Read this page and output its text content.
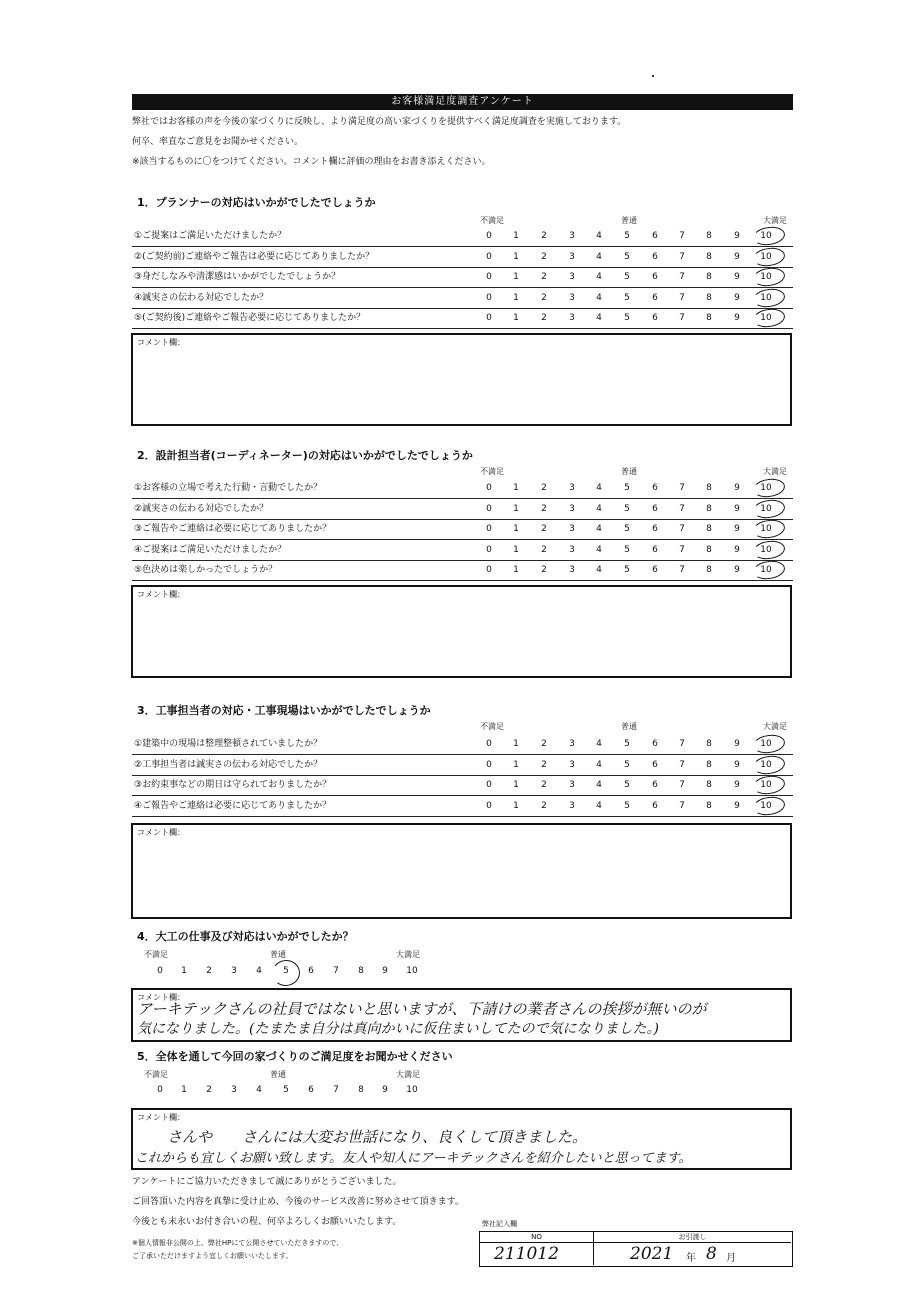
お客様満足度調査アンケート
弊社ではお客様の声を今後の家づくりに反映し、より満足度の高い家づくりを提供すべく満足度調査を実施しております。
何卒、率直なご意見をお聞かせください。
※該当するものに〇をつけてください。コメント欄に評価の理由をお書き添えください。
1．プランナーの対応はいかがでしたでしょうか
不満足	普通	大満足
①ご提案はご満足いただけましたか？	0	1	2	3	4	5	6	7	8	9	10
②(ご契約前)ご連絡やご報告は必要に応じてありましたか？	0	1	2	3	4	5	6	7	8	9	10
③身だしなみや清潔感はいかがでしたでしょうか？	0	1	2	3	4	5	6	7	8	9	10
④誠実さの伝わる対応でしたか？	0	1	2	3	4	5	6	7	8	9	10
⑤(ご契約後)ご連絡やご報告必要に応じてありましたか？	0	1	2	3	4	5	6	7	8	9	10
コメント欄：
2．設計担当者(コーディネーター)の対応はいかがでしたでしょうか
不満足	普通	大満足
①お客様の立場で考えた行動・言動でしたか？	0	1	2	3	4	5	6	7	8	9	10
②誠実さの伝わる対応でしたか？	0	1	2	3	4	5	6	7	8	9	10
③ご報告やご連絡は必要に応じてありましたか？	0	1	2	3	4	5	6	7	8	9	10
④ご提案はご満足いただけましたか？	0	1	2	3	4	5	6	7	8	9	10
⑤色決めは楽しかったでしょうか？	0	1	2	3	4	5	6	7	8	9	10
コメント欄：
3．工事担当者の対応・工事現場はいかがでしたでしょうか
不満足	普通	大満足
①建築中の現場は整理整頓されていましたか？	0	1	2	3	4	5	6	7	8	9	10
②工事担当者は誠実さの伝わる対応でしたか？	0	1	2	3	4	5	6	7	8	9	10
③お約束事などの期日は守られておりましたか？	0	1	2	3	4	5	6	7	8	9	10
④ご報告やご連絡は必要に応じてありましたか？	0	1	2	3	4	5	6	7	8	9	10
コメント欄：
4．大工の仕事及び対応はいかがでしたか？
不満足	普通	大満足
0	1	2	3	4	5	6	7	8	9	10
コメント欄：
アーキテックさんの社員ではないと思いますが、下請けの業者さんの挨拶が無いのが
気になりました。(たまたま自分は真向かいに仮住まいしてたので気になりました。)
5．全体を通して今回の家づくりのご満足度をお聞かせください
不満足	普通	大満足
0	1	2	3	4	5	6	7	8	9	10
コメント欄：
さんや　　さんには大変お世話になり、良くして頂きました。
これからも宜しくお願い致します。友人や知人にアーキテックさんを紹介したいと思ってます。
アンケートにご協力いただきまして誠にありがとうございました。
ご回答頂いた内容を真摯に受け止め、今後のサービス改善に努めさせて頂きます。
今後とも末永いお付き合いの程、何卒よろしくお願いいたします。
※個人情報非公開の上、弊社HPにて公開させていただきますので、
ご了承いただけますよう宜しくお願いいたします。
弊社記入欄
NO	お引渡し
211012	2021 年 8 月
